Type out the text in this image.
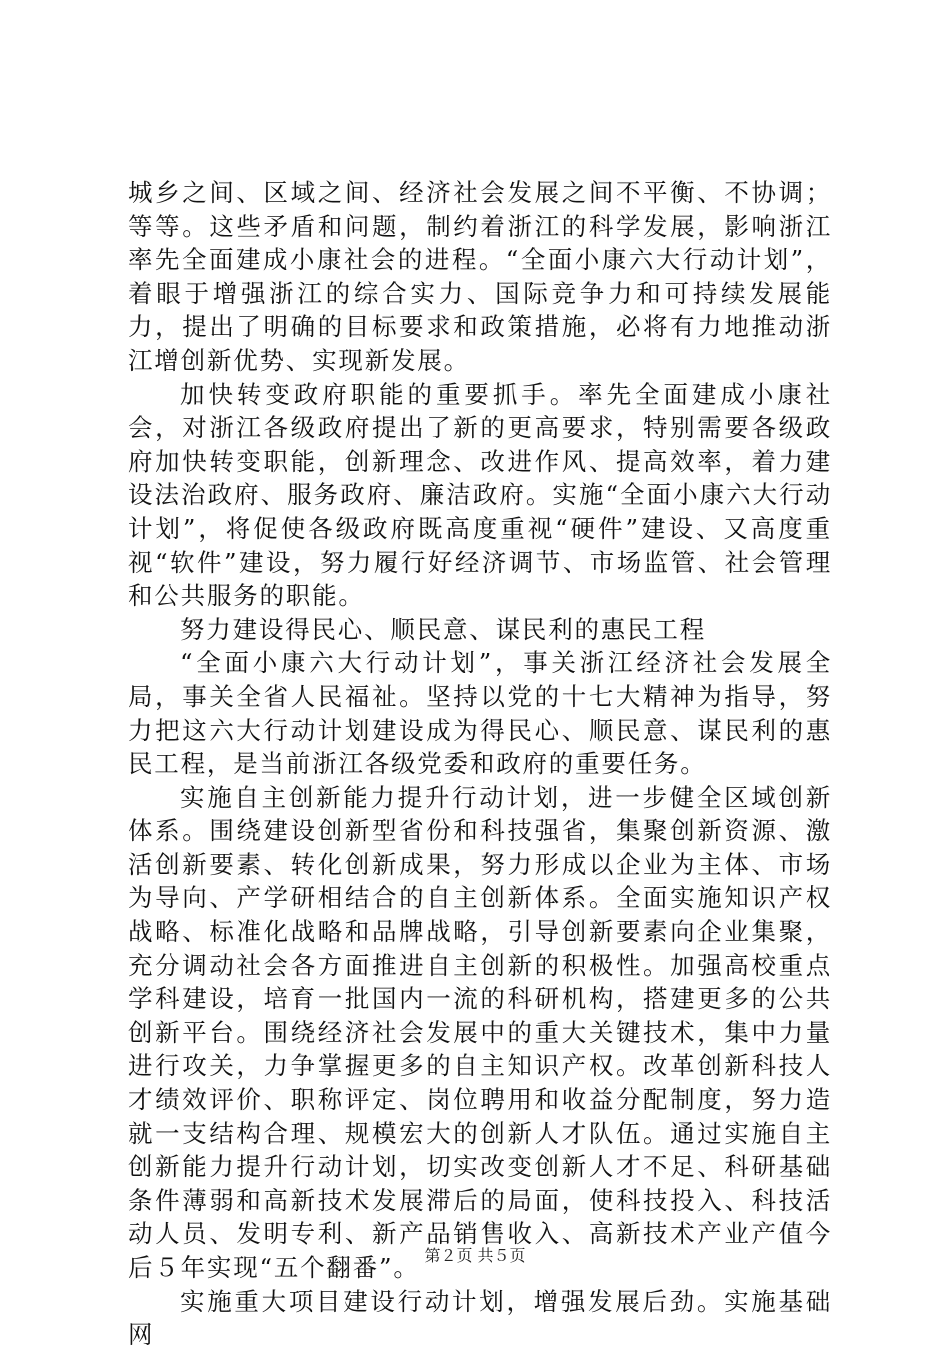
城乡之间、区域之间、经济社会发展之间不平衡、不协调；等等。这些矛盾和问题，制约着浙江的科学发展，影响浙江率先全面建成小康社会的进程。“全面小康六大行动计划”，着眼于增强浙江的综合实力、国际竞争力和可持续发展能力，提出了明确的目标要求和政策措施，必将有力地推动浙江增创新优势、实现新发展。

加快转变政府职能的重要抓手。率先全面建成小康社会，对浙江各级政府提出了新的更高要求，特别需要各级政府加快转变职能，创新理念、改进作风、提高效率，着力建设法治政府、服务政府、廉洁政府。实施“全面小康六大行动计划”，将促使各级政府既高度重视“硬件”建设、又高度重视“软件”建设，努力履行好经济调节、市场监管、社会管理和公共服务的职能。

努力建设得民心、顺民意、谋民利的惠民工程

“全面小康六大行动计划”，事关浙江经济社会发展全局，事关全省人民福祉。坚持以党的十七大精神为指导，努力把这六大行动计划建设成为得民心、顺民意、谋民利的惠民工程，是当前浙江各级党委和政府的重要任务。

实施自主创新能力提升行动计划，进一步健全区域创新体系。围绕建设创新型省份和科技强省，集聚创新资源、激活创新要素、转化创新成果，努力形成以企业为主体、市场为导向、产学研相结合的自主创新体系。全面实施知识产权战略、标准化战略和品牌战略，引导创新要素向企业集聚，充分调动社会各方面推进自主创新的积极性。加强高校重点学科建设，培育一批国内一流的科研机构，搭建更多的公共创新平台。围绕经济社会发展中的重大关键技术，集中力量进行攻关，力争掌握更多的自主知识产权。改革创新科技人才绩效评价、职称评定、岗位聘用和收益分配制度，努力造就一支结构合理、规模宏大的创新人才队伍。通过实施自主创新能力提升行动计划，切实改变创新人才不足、科研基础条件薄弱和高新技术发展滞后的局面，使科技投入、科技活动人员、发明专利、新产品销售收入、高新技术产业产值今后５年实现“五个翻番”。

实施重大项目建设行动计划，增强发展后劲。实施基础网

第２页 共５页
